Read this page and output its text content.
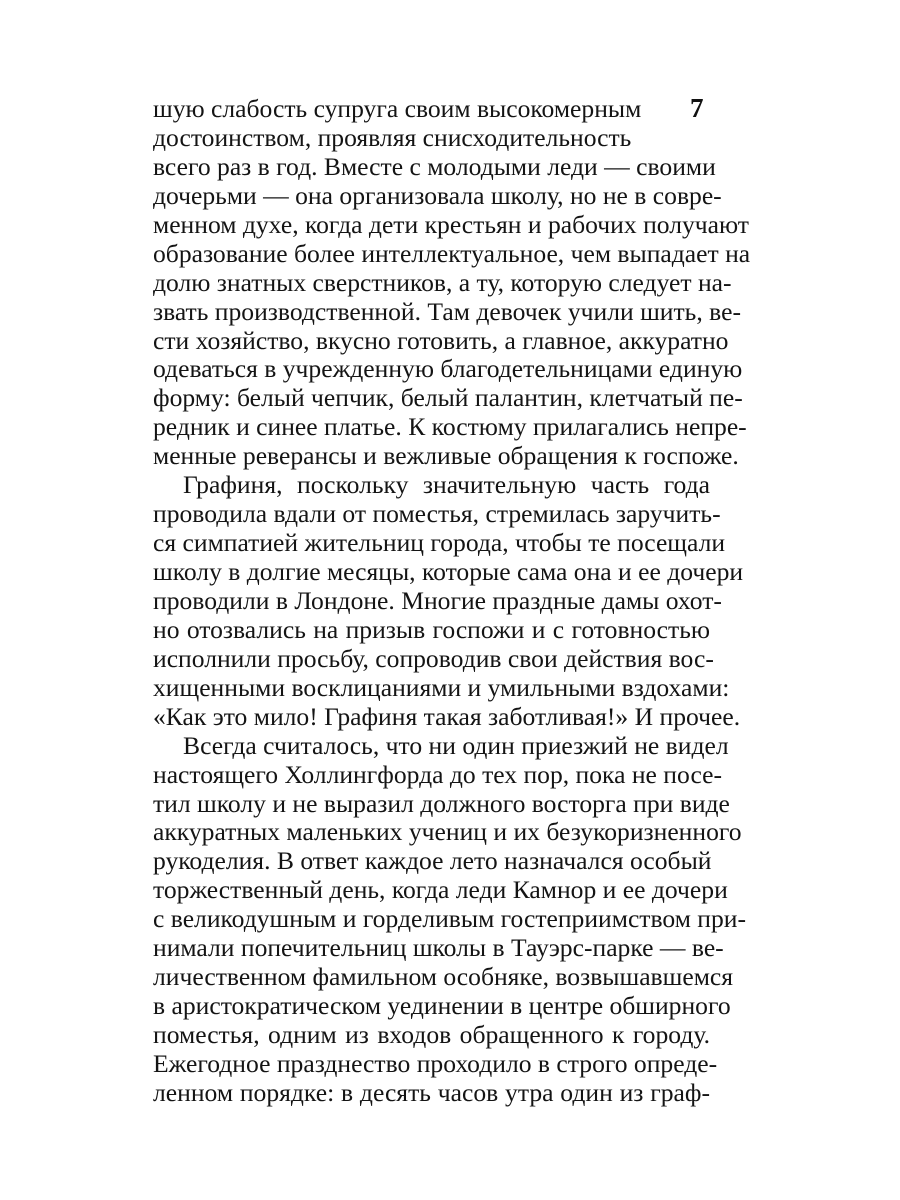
7
шую слабость супруга своим высокомерным
достоинством, проявляя снисходительность
всего раз в год. Вместе с молодыми леди — своими
дочерьми — она организовала школу, но не в совре-
менном духе, когда дети крестьян и рабочих получают
образование более интеллектуальное, чем выпадает на
долю знатных сверстников, а ту, которую следует на-
звать производственной. Там девочек учили шить, ве-
сти хозяйство, вкусно готовить, а главное, аккуратно
одеваться в учрежденную благодетельницами единую
форму: белый чепчик, белый палантин, клетчатый пе-
редник и синее платье. К костюму прилагались непре-
менные реверансы и вежливые обращения к госпоже.
Графиня, поскольку значительную часть года
проводила вдали от поместья, стремилась заручить-
ся симпатией жительниц города, чтобы те посещали
школу в долгие месяцы, которые сама она и ее дочери
проводили в Лондоне. Многие праздные дамы охот-
но отозвались на призыв госпожи и с готовностью
исполнили просьбу, сопроводив свои действия вос-
хищенными восклицаниями и умильными вздохами:
«Как это мило! Графиня такая заботливая!» И прочее.
Всегда считалось, что ни один приезжий не видел
настоящего Холлингфорда до тех пор, пока не посе-
тил школу и не выразил должного восторга при виде
аккуратных маленьких учениц и их безукоризненного
рукоделия. В ответ каждое лето назначался особый
торжественный день, когда леди Камнор и ее дочери
с великодушным и горделивым гостеприимством при-
нимали попечительниц школы в Тауэрс-парке — ве-
личественном фамильном особняке, возвышавшемся
в аристократическом уединении в центре обширного
поместья, одним из входов обращенного к городу.
Ежегодное празднество проходило в строго опреде-
ленном порядке: в десять часов утра один из граф-
